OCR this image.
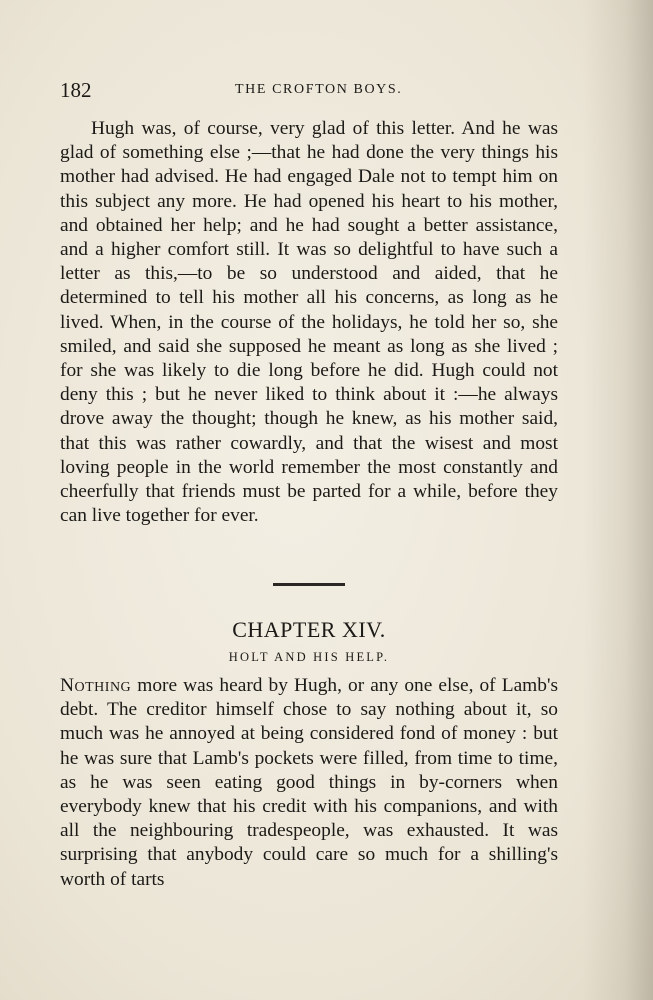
182	THE CROFTON BOYS.

Hugh was, of course, very glad of this letter. And he was glad of something else ;—that he had done the very things his mother had advised. He had engaged Dale not to tempt him on this subject any more. He had opened his heart to his mother, and obtained her help; and he had sought a better assistance, and a higher comfort still. It was so delightful to have such a letter as this,—to be so understood and aided, that he determined to tell his mother all his concerns, as long as he lived. When, in the course of the holidays, he told her so, she smiled, and said she supposed he meant as long as she lived ; for she was likely to die long before he did. Hugh could not deny this ; but he never liked to think about it :—he always drove away the thought; though he knew, as his mother said, that this was rather cowardly, and that the wisest and most loving people in the world remember the most constantly and cheerfully that friends must be parted for a while, before they can live together for ever.

CHAPTER XIV.
HOLT AND HIS HELP.

Nothing more was heard by Hugh, or any one else, of Lamb's debt. The creditor himself chose to say nothing about it, so much was he annoyed at being considered fond of money : but he was sure that Lamb's pockets were filled, from time to time, as he was seen eating good things in by-corners when everybody knew that his credit with his companions, and with all the neighbouring tradespeople, was exhausted. It was surprising that anybody could care so much for a shilling's worth of tarts
